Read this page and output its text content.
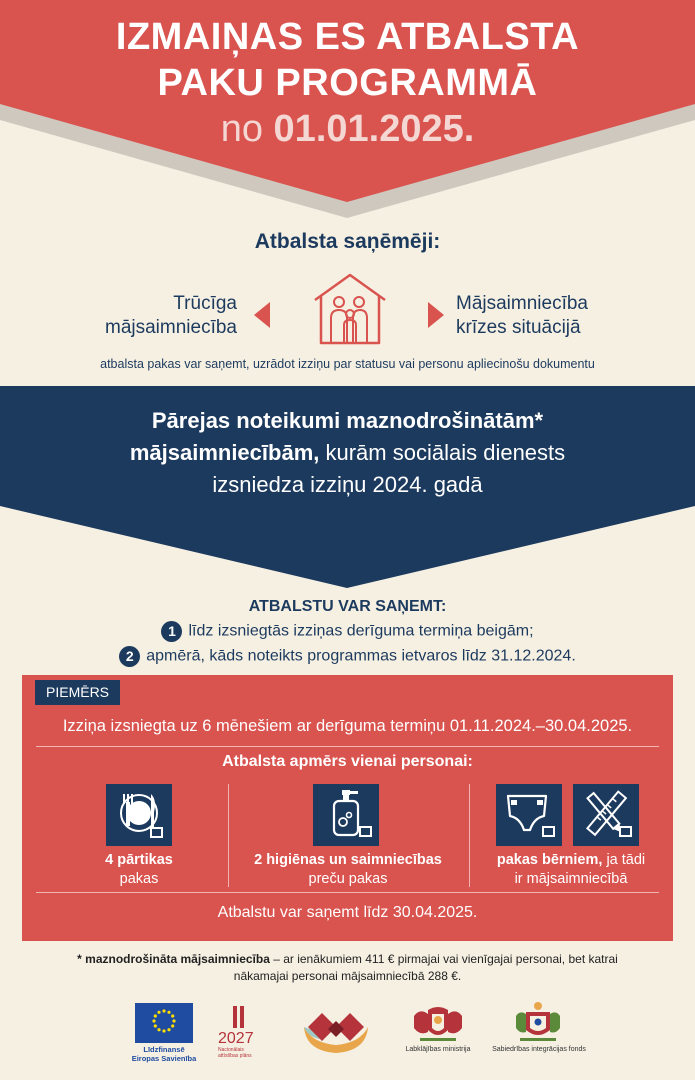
IZMAIŅAS ES ATBALSTA
PAKU PROGRAMMĀ
no 01.01.2025.
Atbalsta saņēmēji:
Trūcīga
mājsaimniecība
Mājsaimniecība
krīzes situācijā
atbalsta pakas var saņemt, uzrādot izziņu par statusu vai personu apliecinošu dokumentu
Pārejas noteikumi maznodrošinātām*
mājsaimniecībām, kurām sociālais dienests
izsniedza izziņu 2024. gadā
ATBALSTU VAR SAŅEMT:
1 līdz izsniegtās izziņas derīguma termiņa beigām;
2 apmērā, kāds noteikts programmas ietvaros līdz 31.12.2024.
PIEMĒRS
Izziņa izsniegta uz 6 mēnešiem ar derīguma termiņu 01.11.2024.–30.04.2025.
Atbalsta apmērs vienai personai:
4 pārtikas
pakas
2 higiēnas un saimniecības
preču pakas
pakas bērniem, ja tādi
ir mājsaimniecībā
Atbalstu var saņemt līdz 30.04.2025.
* maznodrošināta mājsaimniecība – ar ienākumiem 411 € pirmajai vai vienīgajai personai, bet katrai
nākamajai personai mājsaimniecībā 288 €.
Līdzfinansē
Eiropas Savienība
2027
Nacionālais
attīstības plāns
Labklājības ministrija	Sabiedrības integrācijas fonds
